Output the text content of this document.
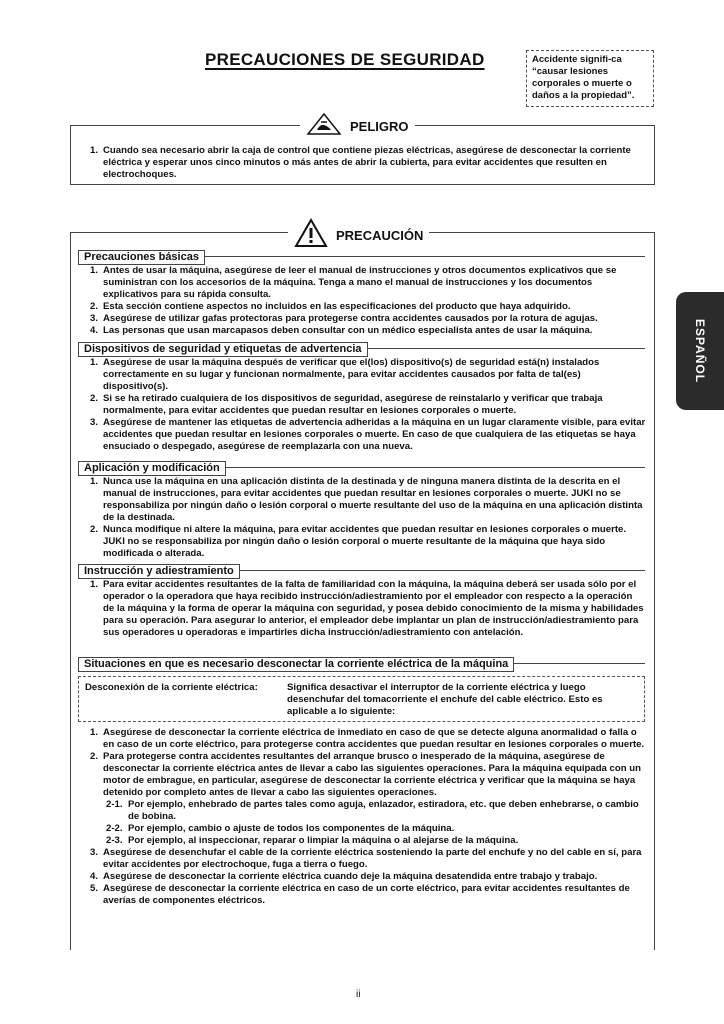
PRECAUCIONES DE SEGURIDAD	Accidente signifi-ca “causar lesiones corporales o muerte o daños a la propiedad”.
PELIGRO
1. Cuando sea necesario abrir la caja de control que contiene piezas eléctricas, asegúrese de desconectar la corriente eléctrica y esperar unos cinco minutos o más antes de abrir la cubierta, para evitar accidentes que resulten en electrochoques.
PRECAUCIÓN
Precauciones básicas
1. Antes de usar la máquina, asegúrese de leer el manual de instrucciones y otros documentos explicativos que se suministran con los accesorios de la máquina. Tenga a mano el manual de instrucciones y los documentos explicativos para su rápida consulta.
2. Esta sección contiene aspectos no incluidos en las especificaciones del producto que haya adquirido.
3. Asegúrese de utilizar gafas protectoras para protegerse contra accidentes causados por la rotura de agujas.
4. Las personas que usan marcapasos deben consultar con un médico especialista antes de usar la máquina.
Dispositivos de seguridad y etiquetas de advertencia
1. Asegúrese de usar la máquina después de verificar que el(los) dispositivo(s) de seguridad está(n) instalados correctamente en su lugar y funcionan normalmente, para evitar accidentes causados por falta de tal(es) dispositivo(s).
2. Si se ha retirado cualquiera de los dispositivos de seguridad, asegúrese de reinstalarlo y verificar que trabaja normalmente, para evitar accidentes que puedan resultar en lesiones corporales o muerte.
3. Asegúrese de mantener las etiquetas de advertencia adheridas a la máquina en un lugar claramente visible, para evitar accidentes que puedan resultar en lesiones corporales o muerte. En caso de que cualquiera de las etiquetas se haya ensuciado o despegado, asegúrese de reemplazarla con una nueva.
Aplicación y modificación
1. Nunca use la máquina en una aplicación distinta de la destinada y de ninguna manera distinta de la descrita en el manual de instrucciones, para evitar accidentes que puedan resultar en lesiones corporales o muerte. JUKI no se responsabiliza por ningún daño o lesión corporal o muerte resultante del uso de la máquina en una aplicación distinta de la destinada.
2. Nunca modifique ni altere la máquina, para evitar accidentes que puedan resultar en lesiones corporales o muerte. JUKI no se responsabiliza por ningún daño o lesión corporal o muerte resultante de la máquina que haya sido modificada o alterada.
Instrucción y adiestramiento
1. Para evitar accidentes resultantes de la falta de familiaridad con la máquina, la máquina deberá ser usada sólo por el operador o la operadora que haya recibido instrucción/adiestramiento por el empleador con respecto a la operación de la máquina y la forma de operar la máquina con seguridad, y posea debido conocimiento de la misma y habilidades para su operación. Para asegurar lo anterior, el empleador debe implantar un plan de instrucción/adiestramiento para sus operadores u operadoras e impartirles dicha instrucción/adiestramiento con antelación.
Situaciones en que es necesario desconectar la corriente eléctrica de la máquina
Desconexión de la corriente eléctrica:	Significa desactivar el interruptor de la corriente eléctrica y luego desenchufar del tomacorriente el enchufe del cable eléctrico. Esto es aplicable a lo siguiente:
1. Asegúrese de desconectar la corriente eléctrica de inmediato en caso de que se detecte alguna anormalidad o falla o en caso de un corte eléctrico, para protegerse contra accidentes que puedan resultar en lesiones corporales o muerte.
2. Para protegerse contra accidentes resultantes del arranque brusco o inesperado de la máquina, asegúrese de desconectar la corriente eléctrica antes de llevar a cabo las siguientes operaciones. Para la máquina equipada con un motor de embrague, en particular, asegúrese de desconectar la corriente eléctrica y verificar que la máquina se haya detenido por completo antes de llevar a cabo las siguientes operaciones.
2-1. Por ejemplo, enhebrado de partes tales como aguja, enlazador, estiradora, etc. que deben enhebrarse, o cambio de bobina.
2-2. Por ejemplo, cambio o ajuste de todos los componentes de la máquina.
2-3. Por ejemplo, al inspeccionar, reparar o limpiar la máquina o al alejarse de la máquina.
3. Asegúrese de desenchufar el cable de la corriente eléctrica sosteniendo la parte del enchufe y no del cable en sí, para evitar accidentes por electrochoque, fuga a tierra o fuego.
4. Asegúrese de desconectar la corriente eléctrica cuando deje la máquina desatendida entre trabajo y trabajo.
5. Asegúrese de desconectar la corriente eléctrica en caso de un corte eléctrico, para evitar accidentes resultantes de averías de componentes eléctricos.
ESPAÑOL
ii
